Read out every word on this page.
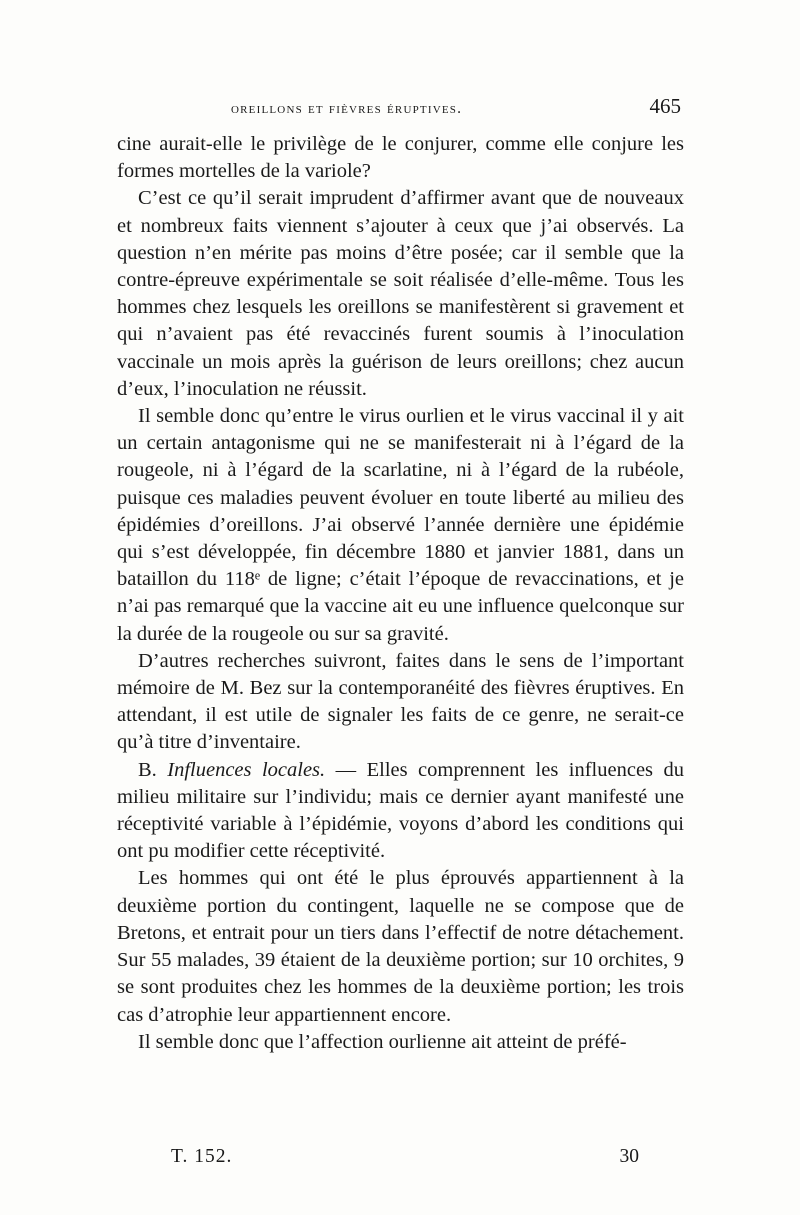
oreillons et fièvres éruptives.	465

cine aurait-elle le privilège de le conjurer, comme elle conjure les formes mortelles de la variole?

C’est ce qu’il serait imprudent d’affirmer avant que de nouveaux et nombreux faits viennent s’ajouter à ceux que j’ai observés. La question n’en mérite pas moins d’être posée; car il semble que la contre-épreuve expérimentale se soit réalisée d’elle-même. Tous les hommes chez lesquels les oreillons se manifestèrent si gravement et qui n’avaient pas été revaccinés furent soumis à l’inoculation vaccinale un mois après la guérison de leurs oreillons; chez aucun d’eux, l’inoculation ne réussit.

Il semble donc qu’entre le virus ourlien et le virus vaccinal il y ait un certain antagonisme qui ne se manifesterait ni à l’égard de la rougeole, ni à l’égard de la scarlatine, ni à l’égard de la rubéole, puisque ces maladies peuvent évoluer en toute liberté au milieu des épidémies d’oreillons. J’ai observé l’année dernière une épidémie qui s’est développée, fin décembre 1880 et janvier 1881, dans un bataillon du 118ᵉ de ligne; c’était l’époque de revaccinations, et je n’ai pas remarqué que la vaccine ait eu une influence quelconque sur la durée de la rougeole ou sur sa gravité.

D’autres recherches suivront, faites dans le sens de l’important mémoire de M. Bez sur la contemporanéité des fièvres éruptives. En attendant, il est utile de signaler les faits de ce genre, ne serait-ce qu’à titre d’inventaire.

B. Influences locales. — Elles comprennent les influences du milieu militaire sur l’individu; mais ce dernier ayant manifesté une réceptivité variable à l’épidémie, voyons d’abord les conditions qui ont pu modifier cette réceptivité.

Les hommes qui ont été le plus éprouvés appartiennent à la deuxième portion du contingent, laquelle ne se compose que de Bretons, et entrait pour un tiers dans l’effectif de notre détachement. Sur 55 malades, 39 étaient de la deuxième portion; sur 10 orchites, 9 se sont produites chez les hommes de la deuxième portion; les trois cas d’atrophie leur appartiennent encore.

Il semble donc que l’affection ourlienne ait atteint de préfé-

T. 152.	30
